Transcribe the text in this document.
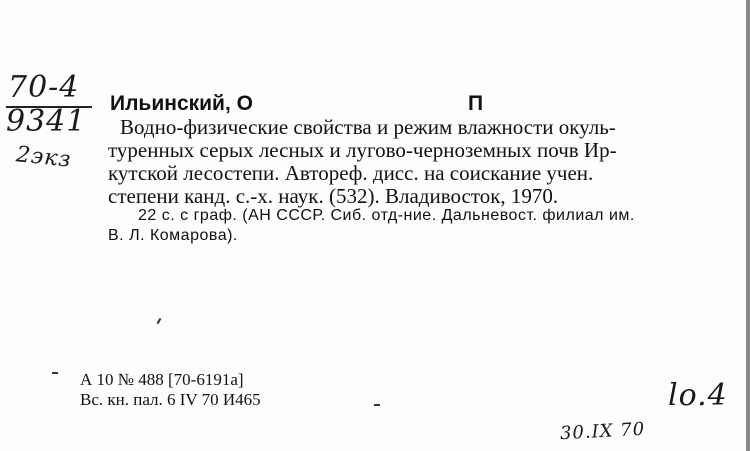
70-4
9341
2экз
Ильинский, О	П

Водно-физические свойства и режим влажности окуль-

туренных серых лесных и лугово-черноземных почв Ир-
кутской лесостепи. Автореф. дисс. на соискание учен.
степени канд. с.-х. наук. (532). Владивосток, 1970.

22 с. с граф. (АН СССР. Сиб. отд-ние. Дальневост. филиал им.

В. Л. Комарова).
А 10 № 488 [70-6191а]
Вс. кн. пал. 6 IV 70 И465	lo.4
30.IX 70
